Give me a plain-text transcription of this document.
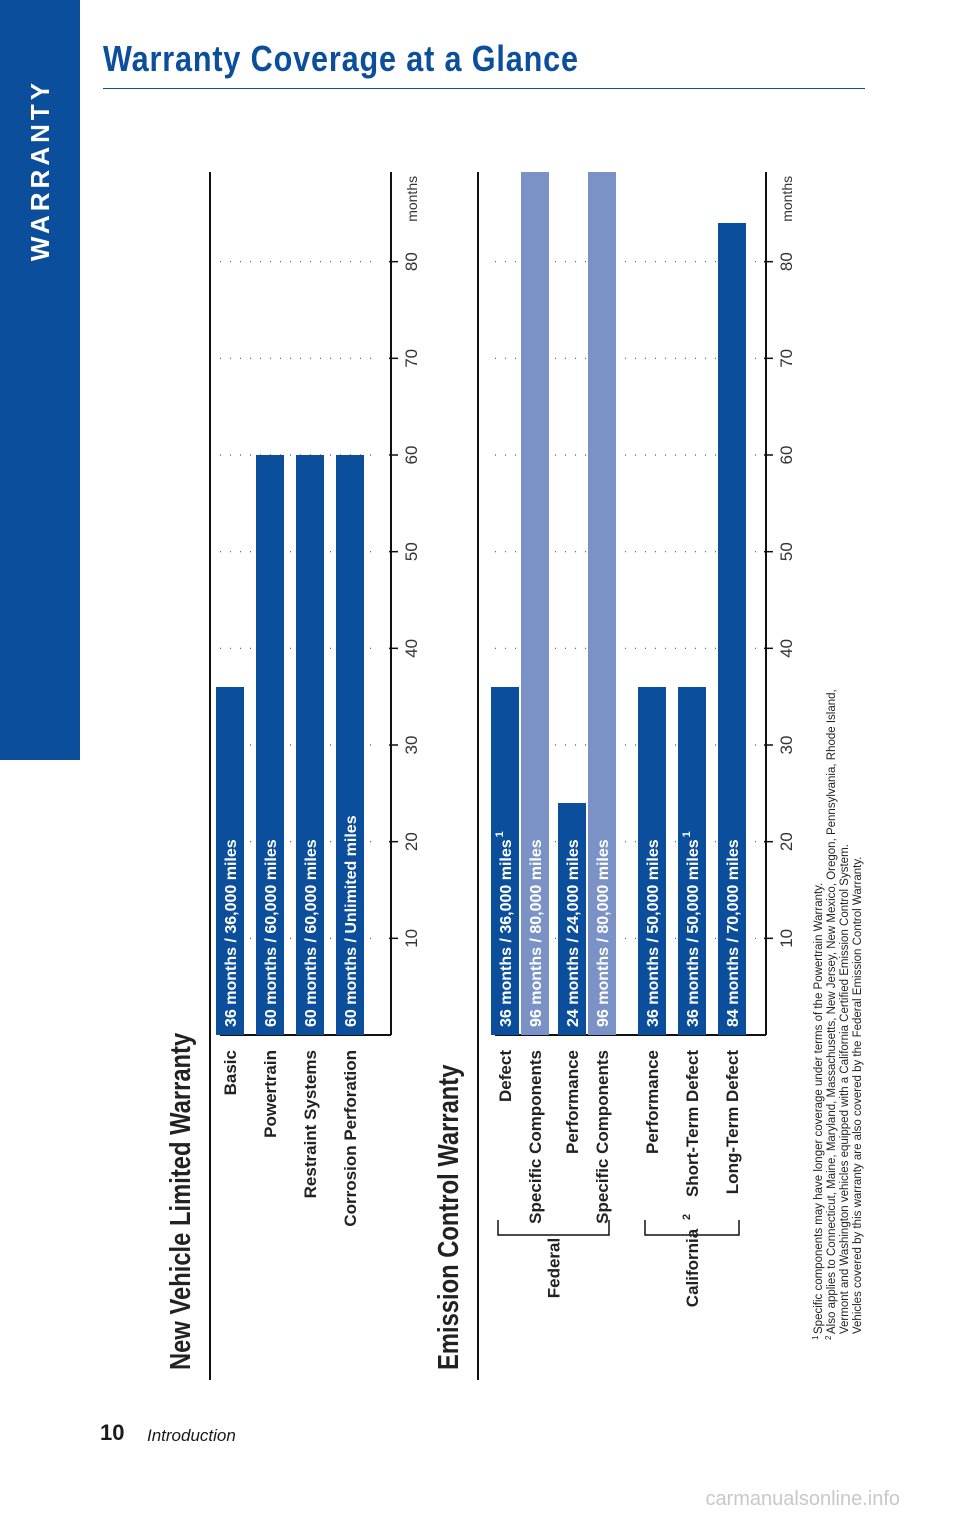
WARRANTY
Warranty Coverage at a Glance
New Vehicle Limited Warranty
10
20
30
40
50
60
70
80
months
36 months / 36,000 miles
Basic
60 months / 60,000 miles
Powertrain
60 months / 60,000 miles
Restraint Systems
60 months / Unlimited miles
Corrosion Perforation Emission Control Warranty
10
20
30
40
50
60
70
80
months
36 months / 36,000 miles
1
Defect
96 months / 80,000 miles
Specific Components
24 months / 24,000 miles
Performance
96 months / 80,000 miles
Specific Components
36 months / 50,000 miles
Performance
36 months / 50,000 miles
1
Short-Term Defect
84 months / 70,000 miles
Long-Term Defect
Federal	California
2
1
Specific components may have longer coverage under terms of the Powertrain Warranty.
2
Also applies to Connecticut, Maine, Maryland, Massachusetts, New Jersey, New Mexico, Oregon, Pennsylvania, Rhode Island, Vermont and Washington vehicles equipped with a California Certified Emission Control System. Vehicles covered by this warranty are also covered by the Federal Emission Control Warranty.
10 Introduction
carmanualsonline.info
